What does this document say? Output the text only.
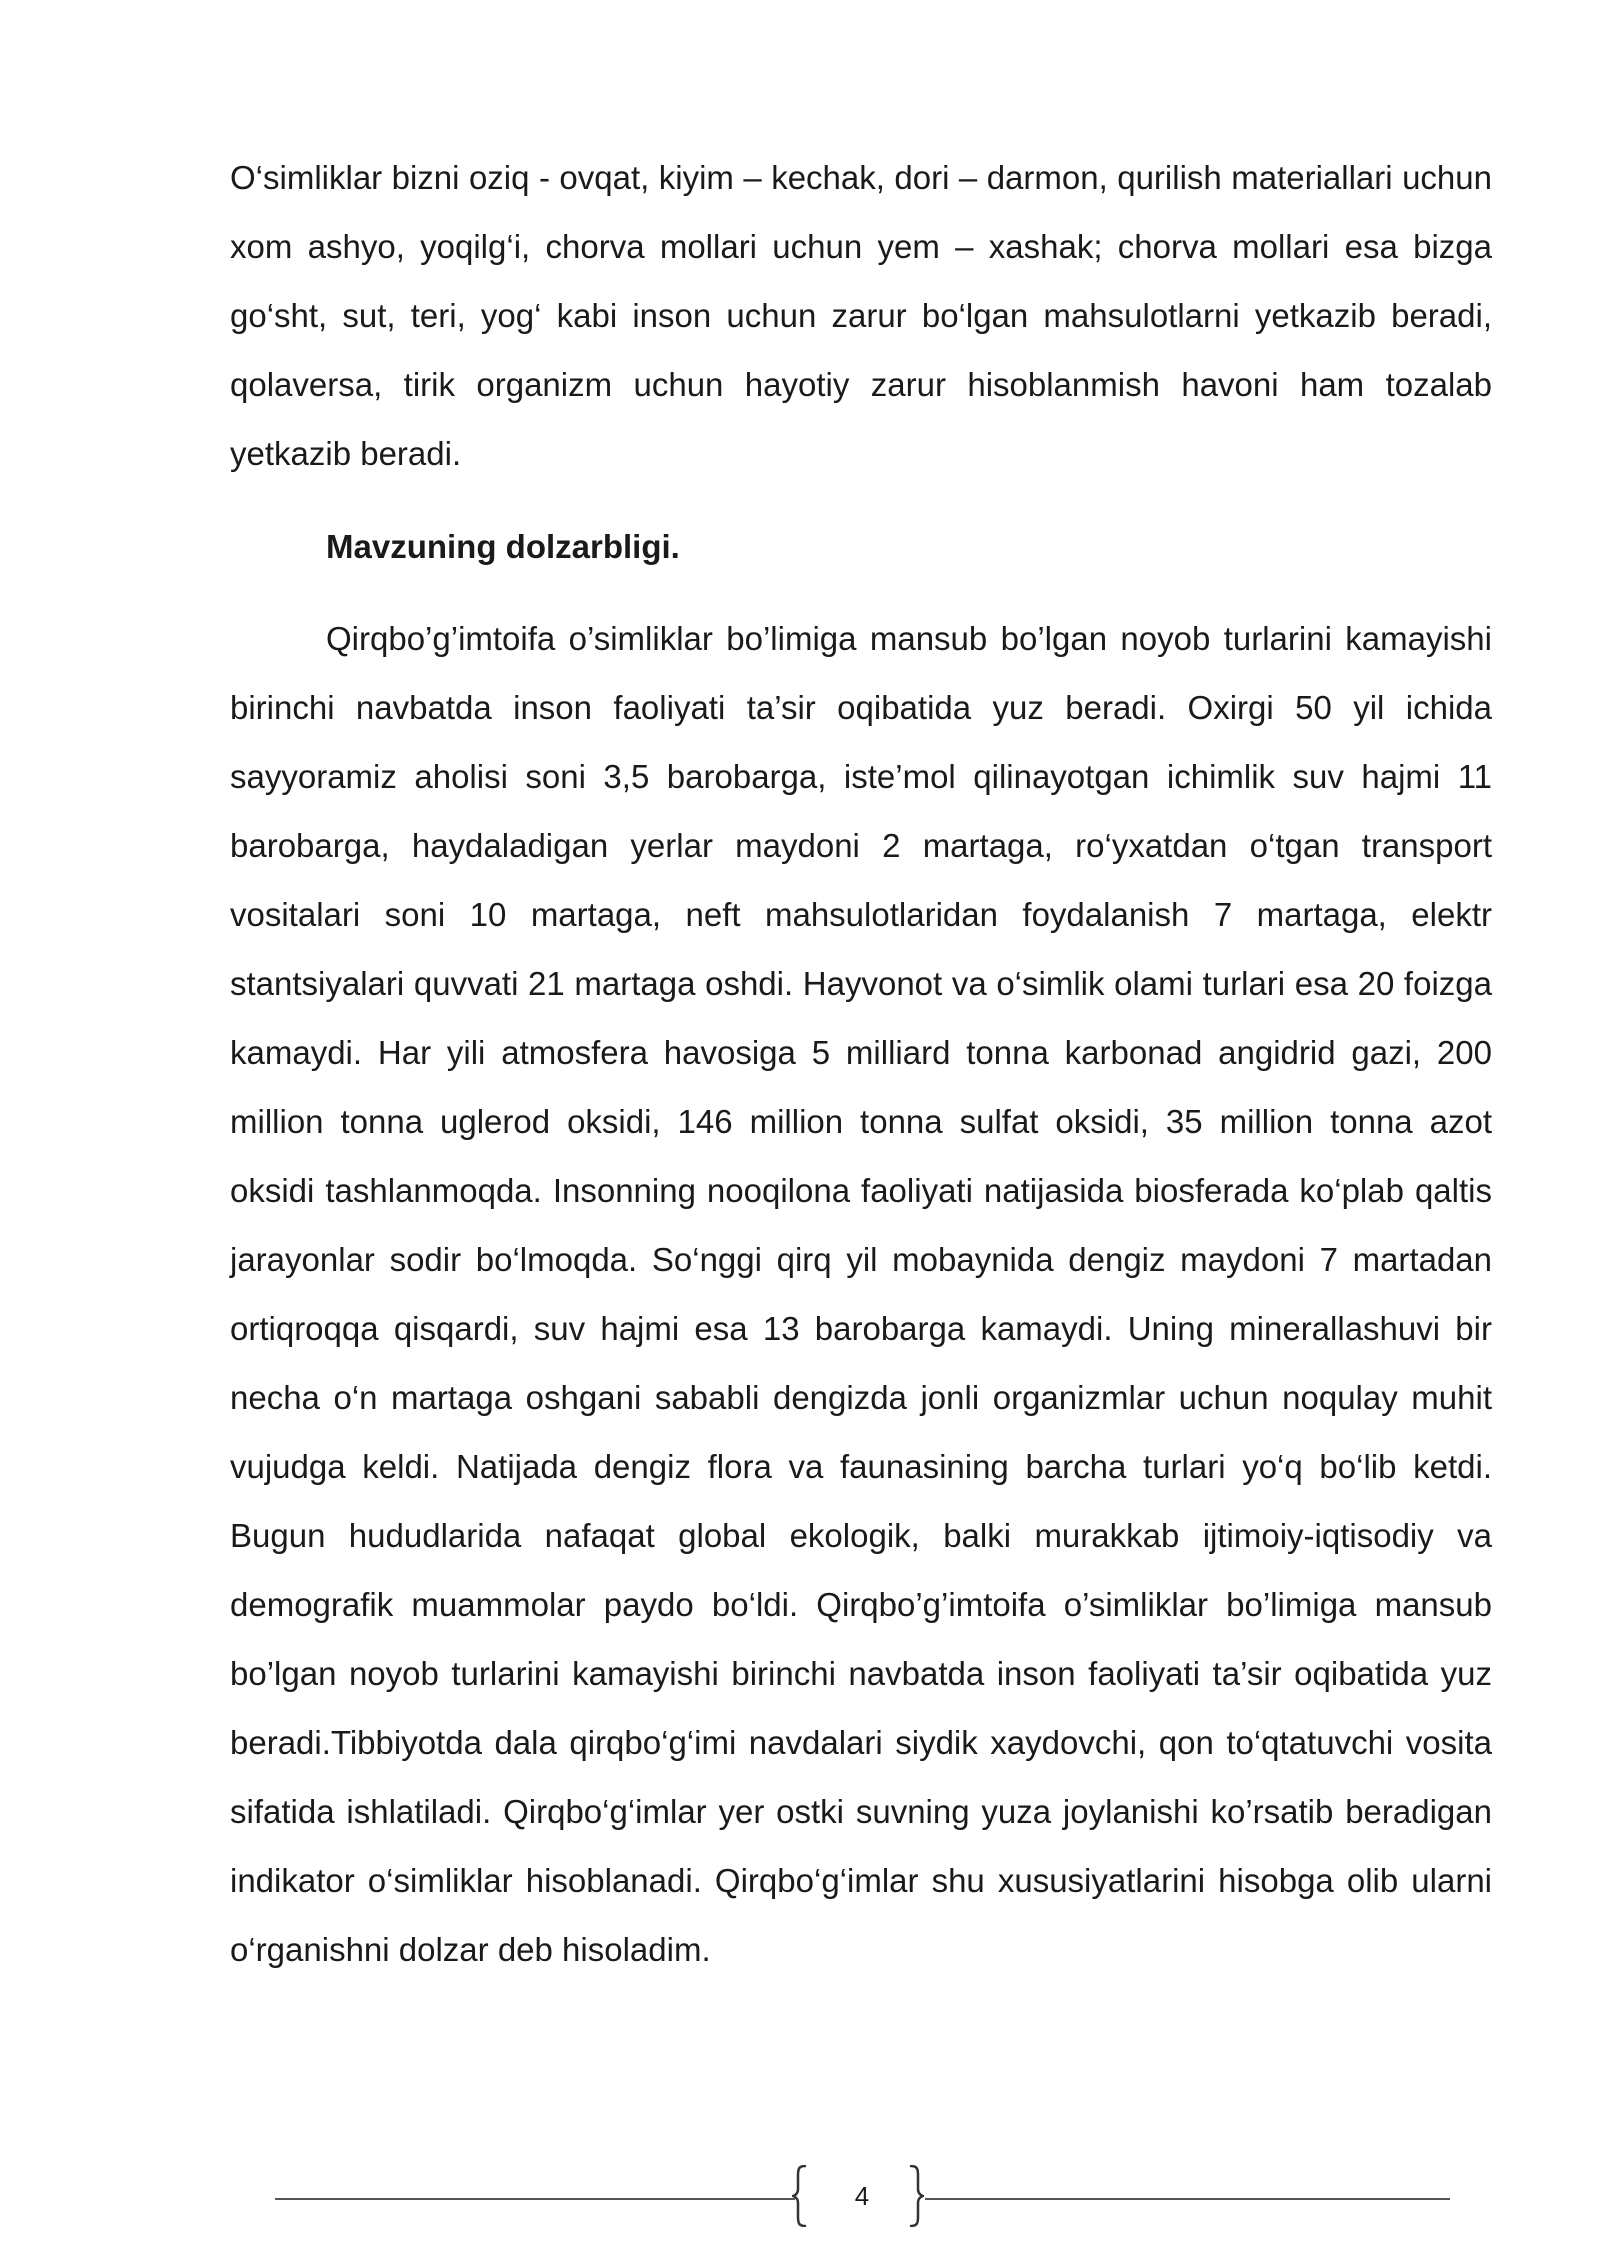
O‘simliklar bizni oziq - ovqat, kiyim – kechak, dori – darmon, qurilish materiallari uchun xom ashyo, yoqilg‘i, chorva mollari uchun yem – xashak; chorva mollari esa bizga go‘sht, sut, teri, yog‘ kabi inson uchun zarur bo‘lgan mahsulotlarni yetkazib beradi, qolaversa, tirik organizm uchun hayotiy zarur hisoblanmish havoni ham tozalab yetkazib beradi.

Mavzuning dolzarbligi.

Qirqbo’g’imtoifa o’simliklar bo’limiga mansub bo’lgan noyob turlarini kamayishi birinchi navbatda inson faoliyati ta’sir oqibatida yuz beradi. Oxirgi 50 yil ichida sayyoramiz aholisi soni 3,5 barobarga, iste’mol qilinayotgan ichimlik suv hajmi 11 barobarga, haydaladigan yerlar maydoni 2 martaga, ro‘yxatdan o‘tgan transport vositalari soni 10 martaga, neft mahsulotlaridan foydalanish 7 martaga, elektr stantsiyalari quvvati 21 martaga oshdi. Hayvonot va o‘simlik olami turlari esa 20 foizga kamaydi. Har yili atmosfera havosiga 5 milliard tonna karbonad angidrid gazi, 200 million tonna uglerod oksidi, 146 million tonna sulfat oksidi, 35 million tonna azot oksidi tashlanmoqda. Insonning nooqilona faoliyati natijasida biosferada ko‘plab qaltis jarayonlar sodir bo‘lmoqda. So‘nggi qirq yil mobaynida dengiz maydoni 7 martadan ortiqroqqa qisqardi, suv hajmi esa 13 barobarga kamaydi. Uning minerallashuvi bir necha o‘n martaga oshgani sababli dengizda jonli organizmlar uchun noqulay muhit vujudga keldi. Natijada dengiz flora va faunasining barcha turlari yo‘q bo‘lib ketdi. Bugun hududlarida nafaqat global ekologik, balki murakkab ijtimoiy-iqtisodiy va demografik muammolar paydo bo‘ldi. Qirqbo’g’imtoifa o’simliklar bo’limiga mansub bo’lgan noyob turlarini kamayishi birinchi navbatda inson faoliyati ta’sir oqibatida yuz beradi.Tibbiyotda dala qirqbo‘g‘imi navdalari siydik xaydovchi, qon to‘qtatuvchi vosita sifatida ishlatiladi. Qirqbo‘g‘imlar yer ostki suvning yuza joylanishi ko’rsatib beradigan indikator o‘simliklar hisoblanadi. Qirqbo‘g‘imlar shu xususiyatlarini hisobga olib ularni o‘rganishni dolzar deb hisoladim.

4
